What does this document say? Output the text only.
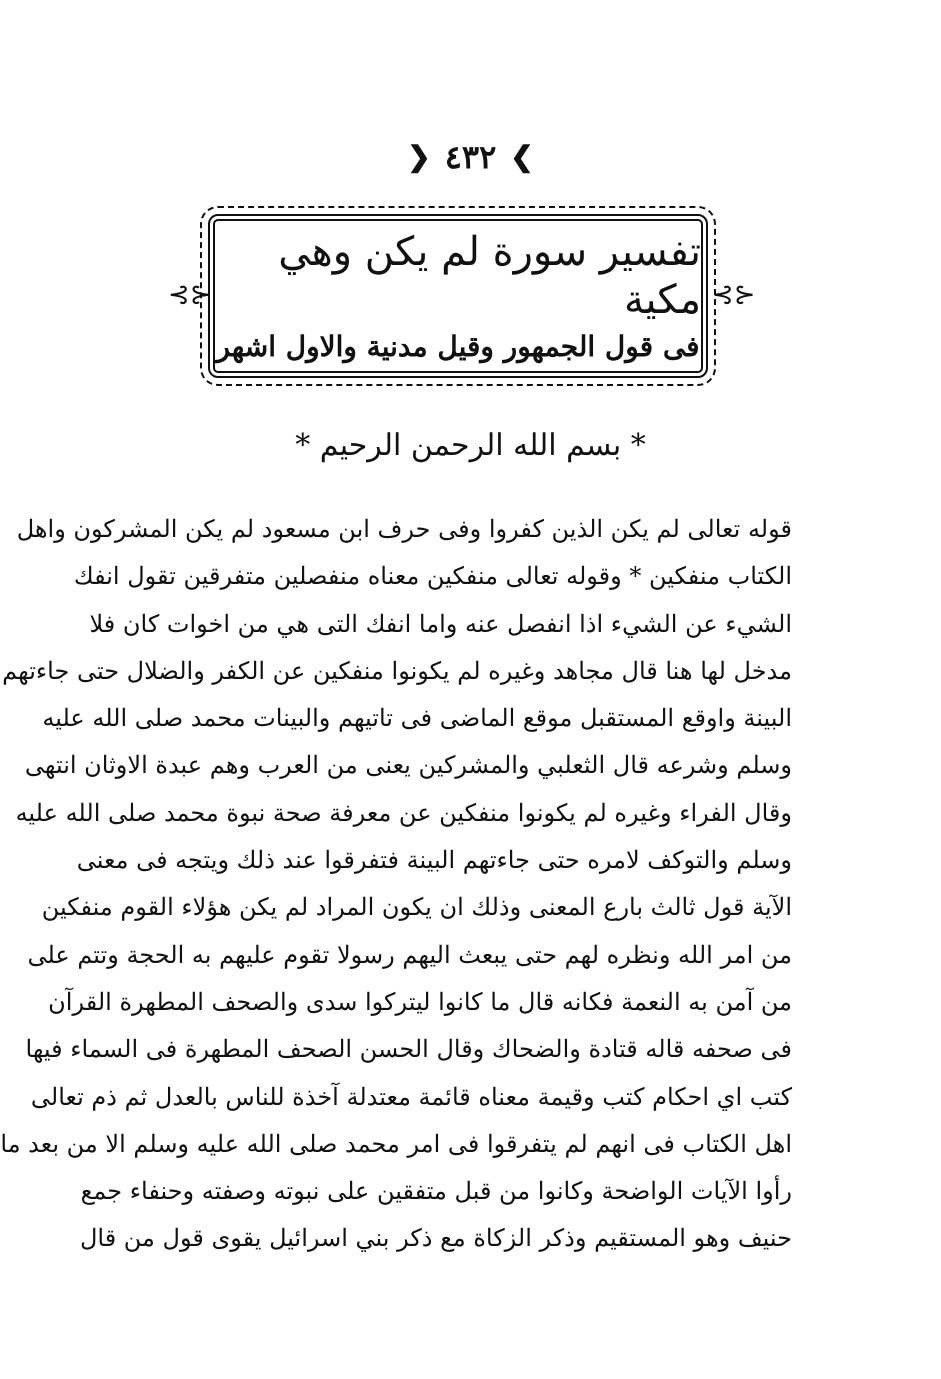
❯
٤٣٢
❮
⊰⊱
تفسير سورة لم يكن وهي مكية
فى قول الجمهور وقيل مدنية والاول اشهر
⊰⊱
* بسم الله الرحمن الرحيم *
قوله تعالى لم يكن الذين كفروا وفى حرف ابن مسعود لم يكن المشركون واهل
الكتاب منفكين * وقوله تعالى منفكين معناه منفصلين متفرقين تقول انفك
الشيء عن الشيء اذا انفصل عنه واما انفك التى هي من اخوات كان فلا
مدخل لها هنا قال مجاهد وغيره لم يكونوا منفكين عن الكفر والضلال حتى جاءتهم
البينة واوقع المستقبل موقع الماضى فى تاتيهم والبينات محمد صلى الله عليه
وسلم وشرعه قال الثعلبي والمشركين يعنى من العرب وهم عبدة الاوثان انتهى
وقال الفراء وغيره لم يكونوا منفكين عن معرفة صحة نبوة محمد صلى الله عليه
وسلم والتوكف لامره حتى جاءتهم البينة فتفرقوا عند ذلك ويتجه فى معنى
الآية قول ثالث بارع المعنى وذلك ان يكون المراد لم يكن هؤلاء القوم منفكين
من امر الله ونظره لهم حتى يبعث اليهم رسولا تقوم عليهم به الحجة وتتم على
من آمن به النعمة فكانه قال ما كانوا ليتركوا سدى والصحف المطهرة القرآن
فى صحفه قاله قتادة والضحاك وقال الحسن الصحف المطهرة فى السماء فيها
كتب اي احكام كتب وقيمة معناه قائمة معتدلة آخذة للناس بالعدل ثم ذم تعالى
اهل الكتاب فى انهم لم يتفرقوا فى امر محمد صلى الله عليه وسلم الا من بعد ما
رأوا الآيات الواضحة وكانوا من قبل متفقين على نبوته وصفته وحنفاء جمع
حنيف وهو المستقيم وذكر الزكاة مع ذكر بني اسرائيل يقوى قول من قال
